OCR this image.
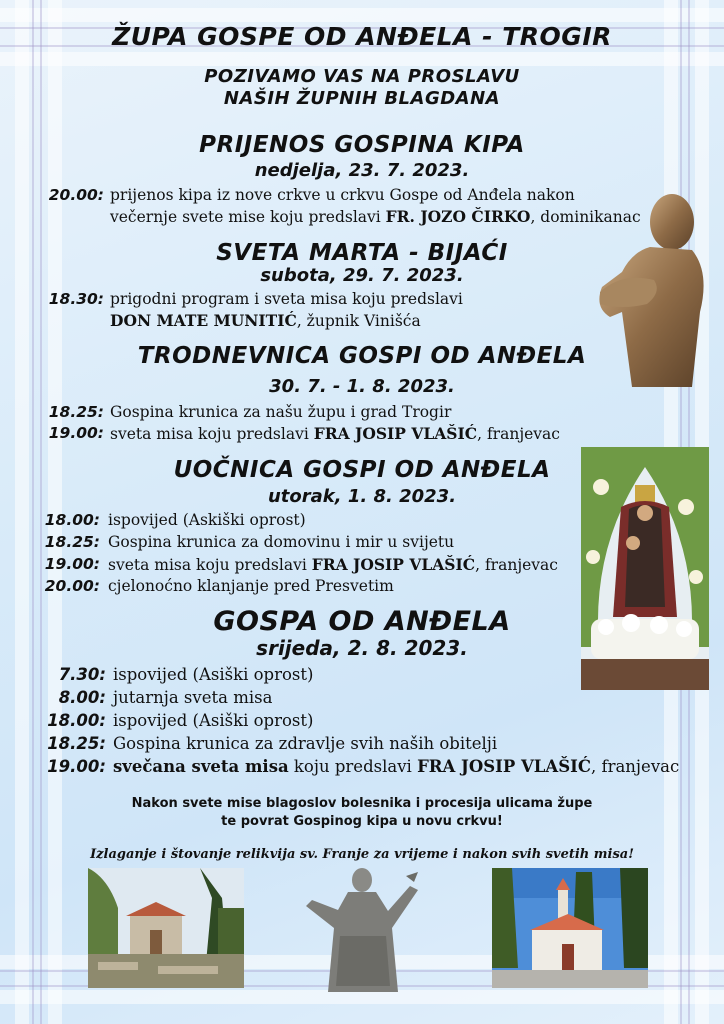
ŽUPA GOSPE OD ANĐELA - TROGIR
POZIVAMO VAS NA PROSLAVU
NAŠIH ŽUPNIH BLAGDANA
PRIJENOS GOSPINA KIPA
nedjelja, 23. 7. 2023.
20.00: prijenos kipa iz nove crkve u crkvu Gospe od Anđela nakon
večernje svete mise koju predslavi FR. JOZO ČIRKO, dominikanac
SVETA MARTA - BIJAĆI
subota, 29. 7. 2023.
18.30: prigodni program i sveta misa koju predslavi
DON MATE MUNITIĆ, župnik Vinišća
TRODNEVNICA GOSPI OD ANĐELA
30. 7. - 1. 8. 2023.
18.25: Gospina krunica za našu župu i grad Trogir
19.00: sveta misa koju predslavi FRA JOSIP VLAŠIĆ, franjevac
UOČNICA GOSPI OD ANĐELA
utorak, 1. 8. 2023.
18.00: ispovijed (Askiški oprost)
18.25: Gospina krunica za domovinu i mir u svijetu
19.00: sveta misa koju predslavi FRA JOSIP VLAŠIĆ, franjevac
20.00: cjelonoćno klanjanje pred Presvetim
GOSPA OD ANĐELA
srijeda, 2. 8. 2023.
7.30: ispovijed (Asiški oprost)
8.00: jutarnja sveta misa
18.00: ispovijed (Asiški oprost)
18.25: Gospina krunica za zdravlje svih naših obitelji
19.00: svečana sveta misa koju predslavi FRA JOSIP VLAŠIĆ, franjevac
Nakon svete mise blagoslov bolesnika i procesija ulicama župe
te povrat Gospinog kipa u novu crkvu!
Izlaganje i štovanje relikvija sv. Franje za vrijeme i nakon svih svetih misa!
